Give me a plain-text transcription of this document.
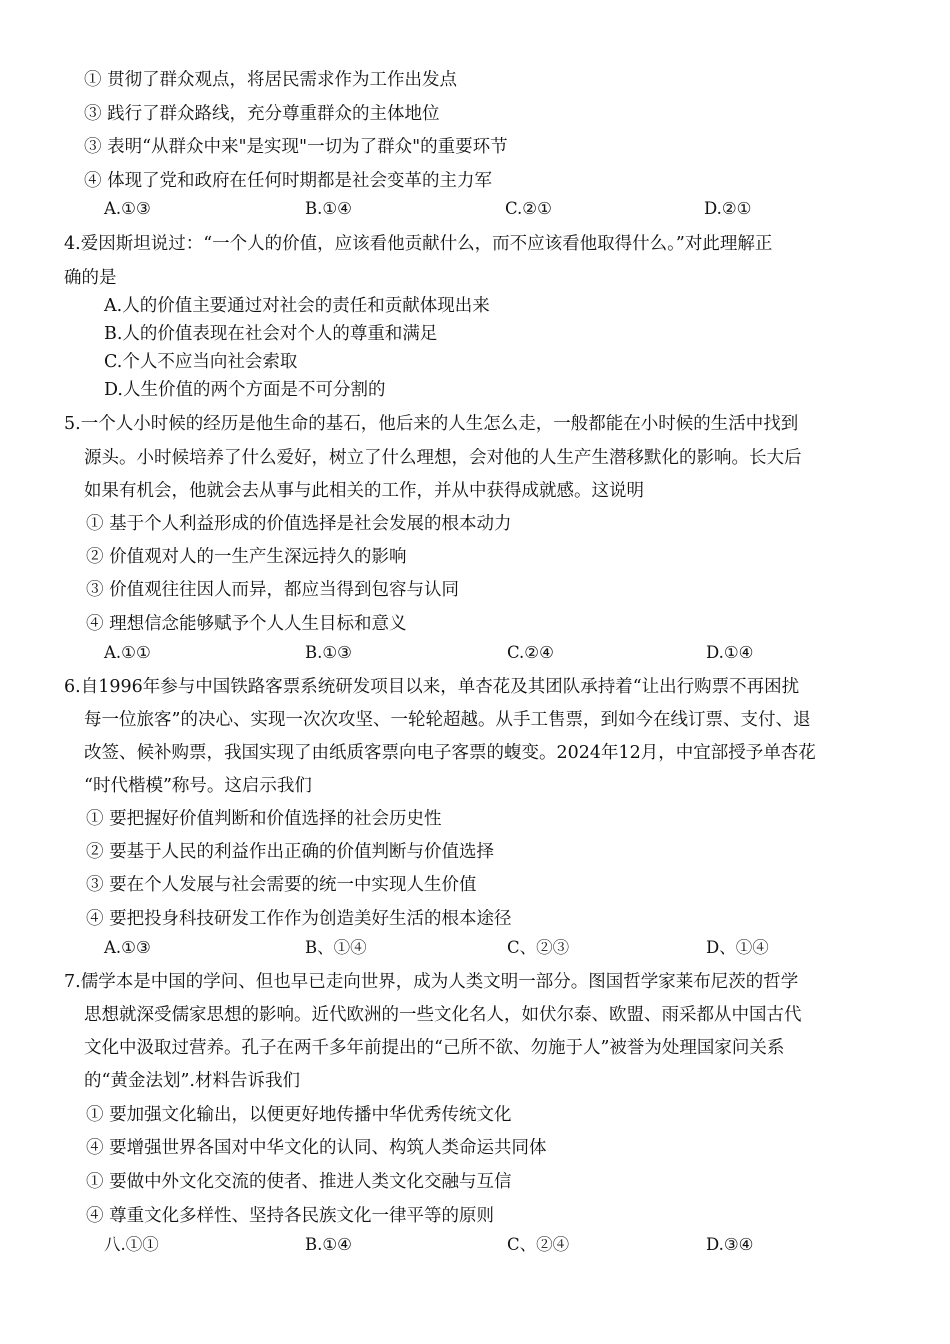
① 贯彻了群众观点，将居民需求作为工作出发点
③ 践行了群众路线，充分尊重群众的主体地位
③ 表明“从群众中来"是实现"一切为了群众"的重要环节
④ 体现了党和政府在任何时期都是社会变革的主力军
A.①③	B.①④	C.②①	D.②①
4.爱因斯坦说过：“一个人的价值，应该看他贡献什么，而不应该看他取得什么。”对此理解正
确的是
A.人的价值主要通过对社会的责任和贡献体现出来
B.人的价值表现在社会对个人的尊重和满足
C.个人不应当向社会索取
D.人生价值的两个方面是不可分割的
5.一个人小时候的经历是他生命的基石，他后来的人生怎么走，一般都能在小时候的生活中找到
源头。小时候培养了什么爱好，树立了什么理想，会对他的人生产生潜移默化的影响。长大后
如果有机会，他就会去从事与此相关的工作，并从中获得成就感。这说明
① 基于个人利益形成的价值选择是社会发展的根本动力
② 价值观对人的一生产生深远持久的影响
③ 价值观往往因人而异，都应当得到包容与认同
④ 理想信念能够赋予个人人生目标和意义
A.①①	B.①③	C.②④	D.①④
6.自1996年参与中国铁路客票系统研发项目以来，单杏花及其团队承持着“让出行购票不再困扰
每一位旅客”的决心、实现一次次攻坚、一轮轮超越。从手工售票，到如今在线订票、支付、退
改签、候补购票，我国实现了由纸质客票向电子客票的蝮变。2024年12月，中宜部授予单杏花
“时代楷模”称号。这启示我们
① 要把握好价值判断和价值选择的社会历史性
② 要基于人民的利益作出正确的价值判断与价值选择
③ 要在个人发展与社会需要的统一中实现人生价值
④ 要把投身科技研发工作作为创造美好生活的根本途径
A.①③	B、①④	C、②③	D、①④
7.儒学本是中国的学问、但也早已走向世界，成为人类文明一部分。图国哲学家莱布尼茨的哲学
思想就深受儒家思想的影响。近代欧洲的一些文化名人，如伏尔泰、欧盟、雨采都从中国古代
文化中汲取过营养。孔子在两千多年前提出的“己所不欲、勿施于人”被誉为处理国家问关系
的“黄金法划”.材料告诉我们
① 要加强文化输出，以便更好地传播中华优秀传统文化
④ 要增强世界各国对中华文化的认同、构筑人类命运共同体
① 要做中外文化交流的使者、推进人类文化交融与互信
④ 尊重文化多样性、坚持各民族文化一律平等的原则
八.①①	B.①④	C、②④	D.③④
